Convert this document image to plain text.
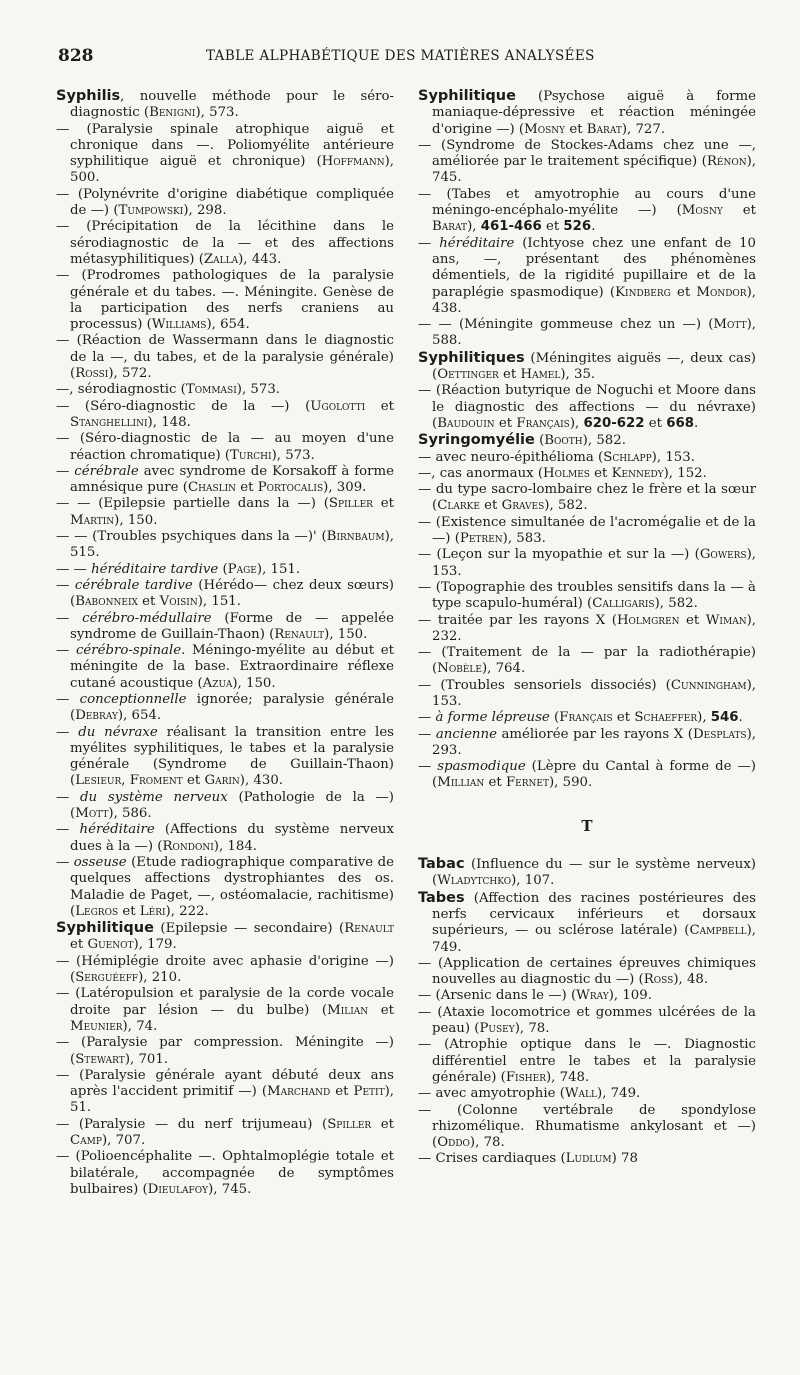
828	TABLE ALPHABÉTIQUE DES MATIÈRES ANALYSÉES

Syphilis, nouvelle méthode pour le séro-diagnostic (Benigni), 573.

— (Paralysie spinale atrophique aiguë et chronique dans —. Poliomyélite antérieure syphilitique aiguë et chronique) (Hoffmann), 500.

— (Polynévrite d'origine diabétique compliquée de —) (Tumpowski), 298.

— (Précipitation de la lécithine dans le sérodiagnostic de la — et des affections métasyphilitiques) (Zalla), 443.

— (Prodromes pathologiques de la paralysie générale et du tabes. —. Méningite. Genèse de la participation des nerfs craniens au processus) (Williams), 654.

— (Réaction de Wassermann dans le diagnostic de la —, du tabes, et de la paralysie générale) (Rossi), 572.

—, sérodiagnostic (Tommasi), 573.

— (Séro-diagnostic de la —) (Ugolotti et Stanghellini), 148.

— (Séro-diagnostic de la — au moyen d'une réaction chromatique) (Turchi), 573.

— cérébrale avec syndrome de Korsakoff à forme amnésique pure (Chaslin et Portocalis), 309.

— — (Epilepsie partielle dans la —) (Spiller et Martin), 150.

— — (Troubles psychiques dans la —)' (Birnbaum), 515.

— — héréditaire tardive (Page), 151.

— cérébrale tardive (Hérédo— chez deux sœurs) (Babonneix et Voisin), 151.

— cérébro-médullaire (Forme de — appelée syndrome de Guillain-Thaon) (Renault), 150.

— cérébro-spinale. Méningo-myélite au début et méningite de la base. Extraordinaire réflexe cutané acoustique (Azua), 150.

— conceptionnelle ignorée; paralysie générale (Debray), 654.

— du névraxe réalisant la transition entre les myélites syphilitiques, le tabes et la paralysie générale (Syndrome de Guillain-Thaon) (Lesieur, Froment et Garin), 430.

— du système nerveux (Pathologie de la —) (Mott), 586.

— héréditaire (Affections du système nerveux dues à la —) (Rondoni), 184.

— osseuse (Etude radiographique comparative de quelques affections dystrophiantes des os. Maladie de Paget, —, ostéomalacie, rachitisme) (Legros et Léri), 222.

Syphilitique (Epilepsie — secondaire) (Renault et Guenot), 179.

— (Hémiplégie droite avec aphasie d'origine —) (Serguéeff), 210.

— (Latéropulsion et paralysie de la corde vocale droite par lésion — du bulbe) (Milian et Meunier), 74.

— (Paralysie par compression. Méningite —) (Stewart), 701.

— (Paralysie générale ayant débuté deux ans après l'accident primitif —) (Marchand et Petit), 51.

— (Paralysie — du nerf trijumeau) (Spiller et Camp), 707.

— (Polioencéphalite —. Ophtalmoplégie totale et bilatérale, accompagnée de symptômes bulbaires) (Dieulafoy), 745.

Syphilitique (Psychose aiguë à forme maniaque-dépressive et réaction méningée d'origine —) (Mosny et Barat), 727.

— (Syndrome de Stockes-Adams chez une —, améliorée par le traitement spécifique) (Rénon), 745.

— (Tabes et amyotrophie au cours d'une méningo-encéphalo-myélite —) (Mosny et Barat), 461-466 et 526.

— héréditaire (Ichtyose chez une enfant de 10 ans, —, présentant des phénomènes démentiels, de la rigidité pupillaire et de la paraplégie spasmodique) (Kindberg et Mondor), 438.

— — (Méningite gommeuse chez un —) (Mott), 588.

Syphilitiques (Méningites aiguës —, deux cas) (Oettinger et Hamel), 35.

— (Réaction butyrique de Noguchi et Moore dans le diagnostic des affections — du névraxe) (Baudouin et Français), 620-622 et 668.

Syringomyélie (Booth), 582.

— avec neuro-épithélioma (Schlapp), 153.

—, cas anormaux (Holmes et Kennedy), 152.

— du type sacro-lombaire chez le frère et la sœur (Clarke et Graves), 582.

— (Existence simultanée de l'acromégalie et de la —) (Petren), 583.

— (Leçon sur la myopathie et sur la —) (Gowers), 153.

— (Topographie des troubles sensitifs dans la — à type scapulo-huméral) (Calligaris), 582.

— traitée par les rayons X (Holmgren et Wiman), 232.

— (Traitement de la — par la radiothérapie) (Nobèle), 764.

— (Troubles sensoriels dissociés) (Cunningham), 153.

— à forme lépreuse (Français et Schaeffer), 546.

— ancienne améliorée par les rayons X (Desplats), 293.

— spasmodique (Lèpre du Cantal à forme de —) (Millian et Fernet), 590.

T

Tabac (Influence du — sur le système nerveux) (Wladytchko), 107.

Tabes (Affection des racines postérieures des nerfs cervicaux inférieurs et dorsaux supérieurs, — ou sclérose latérale) (Campbell), 749.

— (Application de certaines épreuves chimiques nouvelles au diagnostic du —) (Ross), 48.

— (Arsenic dans le —) (Wray), 109.

— (Ataxie locomotrice et gommes ulcérées de la peau) (Pusey), 78.

— (Atrophie optique dans le —. Diagnostic différentiel entre le tabes et la paralysie générale) (Fisher), 748.

— avec amyotrophie (Wall), 749.

— (Colonne vertébrale de spondylose rhizomélique. Rhumatisme ankylosant et —) (Oddo), 78.

— Crises cardiaques (Ludlum) 78
